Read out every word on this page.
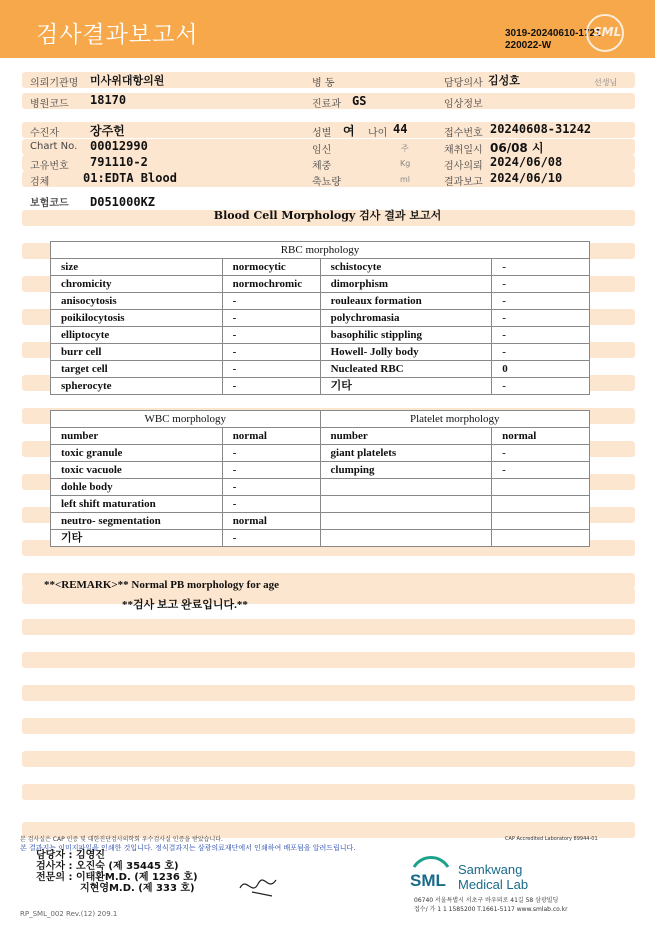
검사결과보고서	3019-20240610-1721
220022-W
SML
의뢰기관명 미사위대항의원	병 동	담당의사 김성호	선생님
병원코드 18170	진료과 GS	임상정보
수진자	장주헌	성별 여 나이 44	접수번호 20240608-31242
Chart No. 00012990	임신	주	채취일시 06/08 시
고유번호 791110-2	체중	Kg	검사의뢰 2024/06/08
검체	01:EDTA Blood	축뇨량	ml	결과보고 2024/06/10
보험코드 D051000KZ
Blood Cell Morphology 검사 결과 보고서
RBC morphology			
size	normocytic	schistocyte	-
chromicity	normochromic	dimorphism	-
anisocytosis	-	rouleaux formation	-
poikilocytosis	-	polychromasia	-
elliptocyte	-	basophilic stippling	-
burr cell	-	Howell- Jolly body	-
target cell	-	Nucleated RBC	0
spherocyte	-	기타	-
WBC morphology		Platelet morphology	
number	normal	number	normal
toxic granule	-	giant platelets	-
toxic vacuole	-	clumping	-
dohle body	-		
left shift maturation	-		
neutro- segmentation	normal		
기타	-		
**<REMARK>** Normal PB morphology for age
**검사 보고 완료입니다.**
본 검사실은 CAP 인증 및 대한진단검사의학회 우수검사실 인증을 받았습니다.	CAP Accredited Laboratory 89944-01
본 결과지는 이미지파일을 인쇄한 것입니다. 정식결과지는 삼광의료재단에서 인쇄하여 배포됨을 알려드립니다.
담당자 : 김영진
검사자 : 오진숙 (제 35445 호)
전문의 : 이태환M.D. (제 1236 호)
지현영M.D. (제 333 호)	SML
Samkwang
Medical Lab
06740 서울특별시 서초구 바우뫼로 41길 58 삼광빌딩
접수/ 가 1 1 1585200 T.1661-5117 www.smlab.co.kr
RP_SML_002 Rev.(12) 209.1
